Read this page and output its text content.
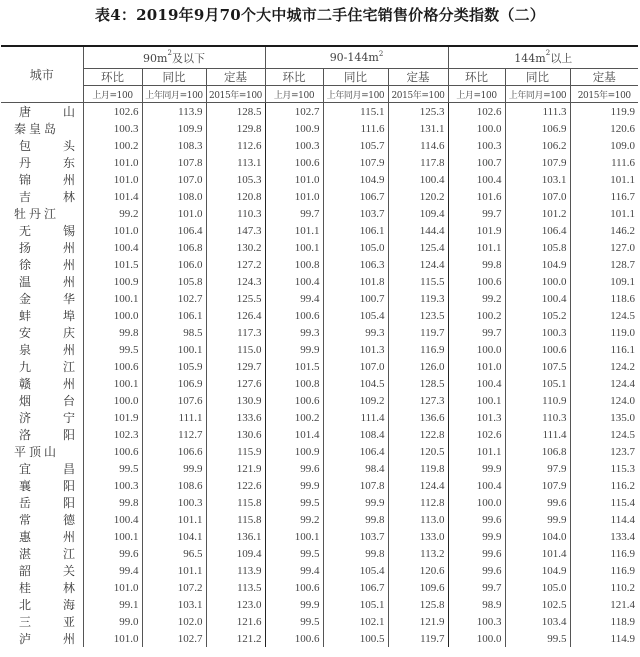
表4：2019年9月70个大中城市二手住宅销售价格分类指数（二）
城市	$90m^2$及以下			$90-144m^2$			$144m^2$以上		
	环比	同比	定基	环比	同比	定基	环比	同比	定基
	上月=100	上年同月=100	2015年=100	上月=100	上年同月=100	2015年=100	上月=100	上年同月=100	2015年=100
唐 山	102.6	113.9	128.5	102.7	115.1	125.3	102.6	111.3	119.9
秦皇岛	100.3	109.9	129.8	100.9	111.6	131.1	100.0	106.9	120.6
包 头	100.2	108.3	112.6	100.3	105.7	114.6	100.3	106.2	109.0
丹 东	101.0	107.8	113.1	100.6	107.9	117.8	100.7	107.9	111.6
锦 州	101.0	107.0	105.3	101.0	104.9	100.4	100.4	103.1	101.1
吉 林	101.4	108.0	120.8	101.0	106.7	120.2	101.6	107.0	116.7
牡丹江	99.2	101.0	110.3	99.7	103.7	109.4	99.7	101.2	101.1
无 锡	101.0	106.4	147.3	101.1	106.1	144.4	101.9	106.4	146.2
扬 州	100.4	106.8	130.2	100.1	105.0	125.4	101.1	105.8	127.0
徐 州	101.5	106.0	127.2	100.8	106.3	124.4	99.8	104.9	128.7
温 州	100.9	105.8	124.3	100.4	101.8	115.5	100.6	100.0	109.1
金 华	100.1	102.7	125.5	99.4	100.7	119.3	99.2	100.4	118.6
蚌 埠	100.0	106.1	126.4	100.6	105.4	123.5	100.2	105.2	124.5
安 庆	99.8	98.5	117.3	99.3	99.3	119.7	99.7	100.3	119.0
泉 州	99.5	100.1	115.0	99.9	101.3	116.9	100.0	100.6	116.1
九 江	100.6	105.9	129.7	101.5	107.0	126.0	101.0	107.5	124.2
赣 州	100.1	106.9	127.6	100.8	104.5	128.5	100.4	105.1	124.4
烟 台	100.0	107.6	130.9	100.6	109.2	127.3	100.1	110.9	124.0
济 宁	101.9	111.1	133.6	100.2	111.4	136.6	101.3	110.3	135.0
洛 阳	102.3	112.7	130.6	101.4	108.4	122.8	102.6	111.4	124.5
平顶山	100.6	106.6	115.9	100.9	106.4	120.5	101.1	106.8	123.7
宜 昌	99.5	99.9	121.9	99.6	98.4	119.8	99.9	97.9	115.3
襄 阳	100.3	108.6	122.6	99.9	107.8	124.4	100.4	107.9	116.2
岳 阳	99.8	100.3	115.8	99.5	99.9	112.8	100.0	99.6	115.4
常 德	100.4	101.1	115.8	99.2	99.8	113.0	99.6	99.9	114.4
惠 州	100.1	104.1	136.1	100.1	103.7	133.0	99.9	104.0	133.4
湛 江	99.6	96.5	109.4	99.5	99.8	113.2	99.6	101.4	116.9
韶 关	99.4	101.1	113.9	99.4	105.4	120.6	99.6	104.9	116.9
桂 林	101.0	107.2	113.5	100.6	106.7	109.6	99.7	105.0	110.2
北 海	99.1	103.1	123.0	99.9	105.1	125.8	98.9	102.5	121.4
三 亚	99.0	102.0	121.6	99.5	102.1	121.9	100.3	103.4	118.9
泸 州	101.0	102.7	121.2	100.6	100.5	119.7	100.0	99.5	114.9
